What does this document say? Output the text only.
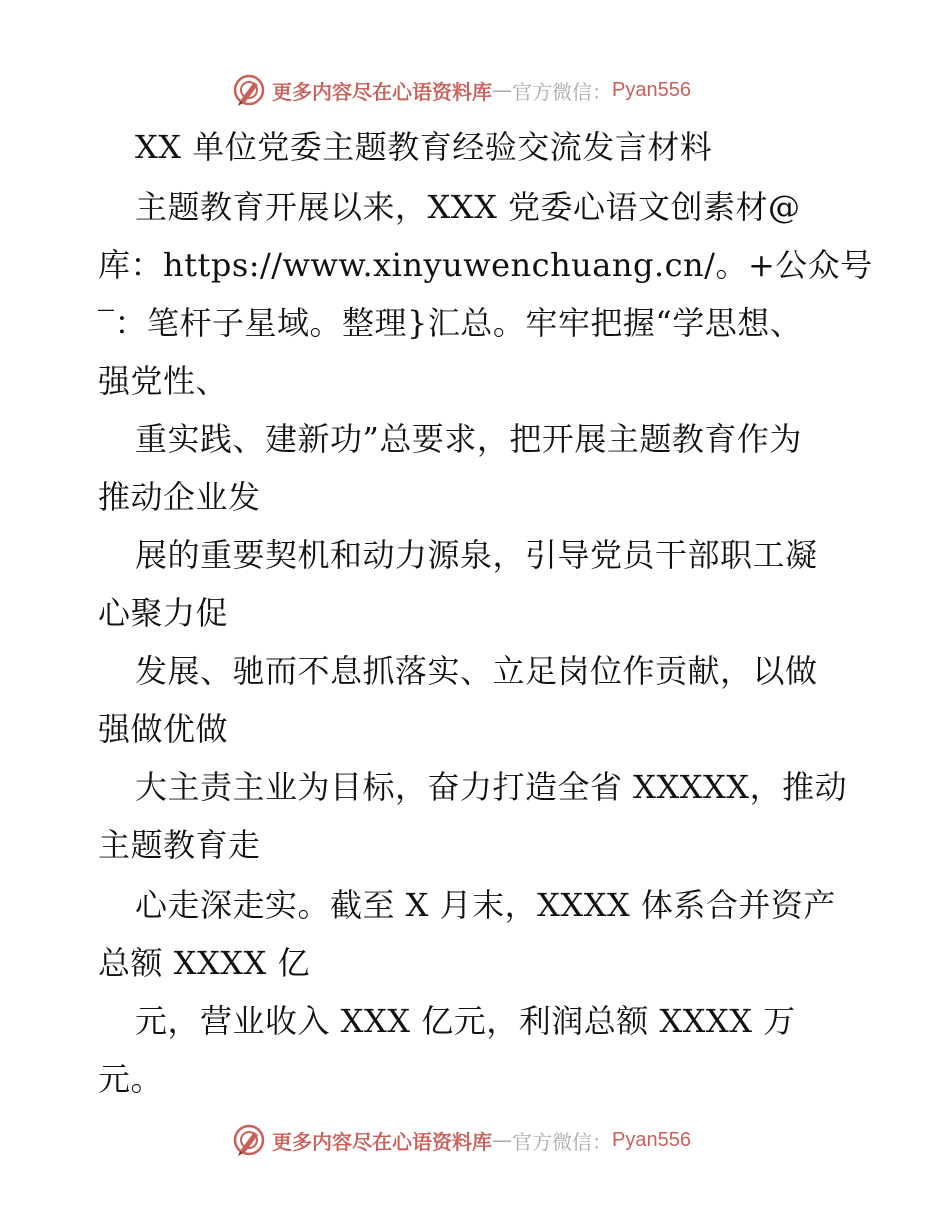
更多内容尽在心语资料库 — 官方微信： Pyan556

XX 单位党委主题教育经验交流发言材料

主题教育开展以来，XXX 党委心语文创素材@

库：https://www.xinyuwenchuang.cn/。+公众号

‾：笔杆子星域。整理}汇总。牢牢把握“学思想、

强党性、

重实践、建新功”总要求，把开展主题教育作为

推动企业发

展的重要契机和动力源泉，引导党员干部职工凝

心聚力促

发展、驰而不息抓落实、立足岗位作贡献，以做

强做优做

大主责主业为目标，奋力打造全省 XXXXX，推动

主题教育走

心走深走实。截至 X 月末，XXXX 体系合并资产

总额 XXXX 亿

元，营业收入 XXX 亿元，利润总额 XXXX 万

元。

更多内容尽在心语资料库 — 官方微信： Pyan556
